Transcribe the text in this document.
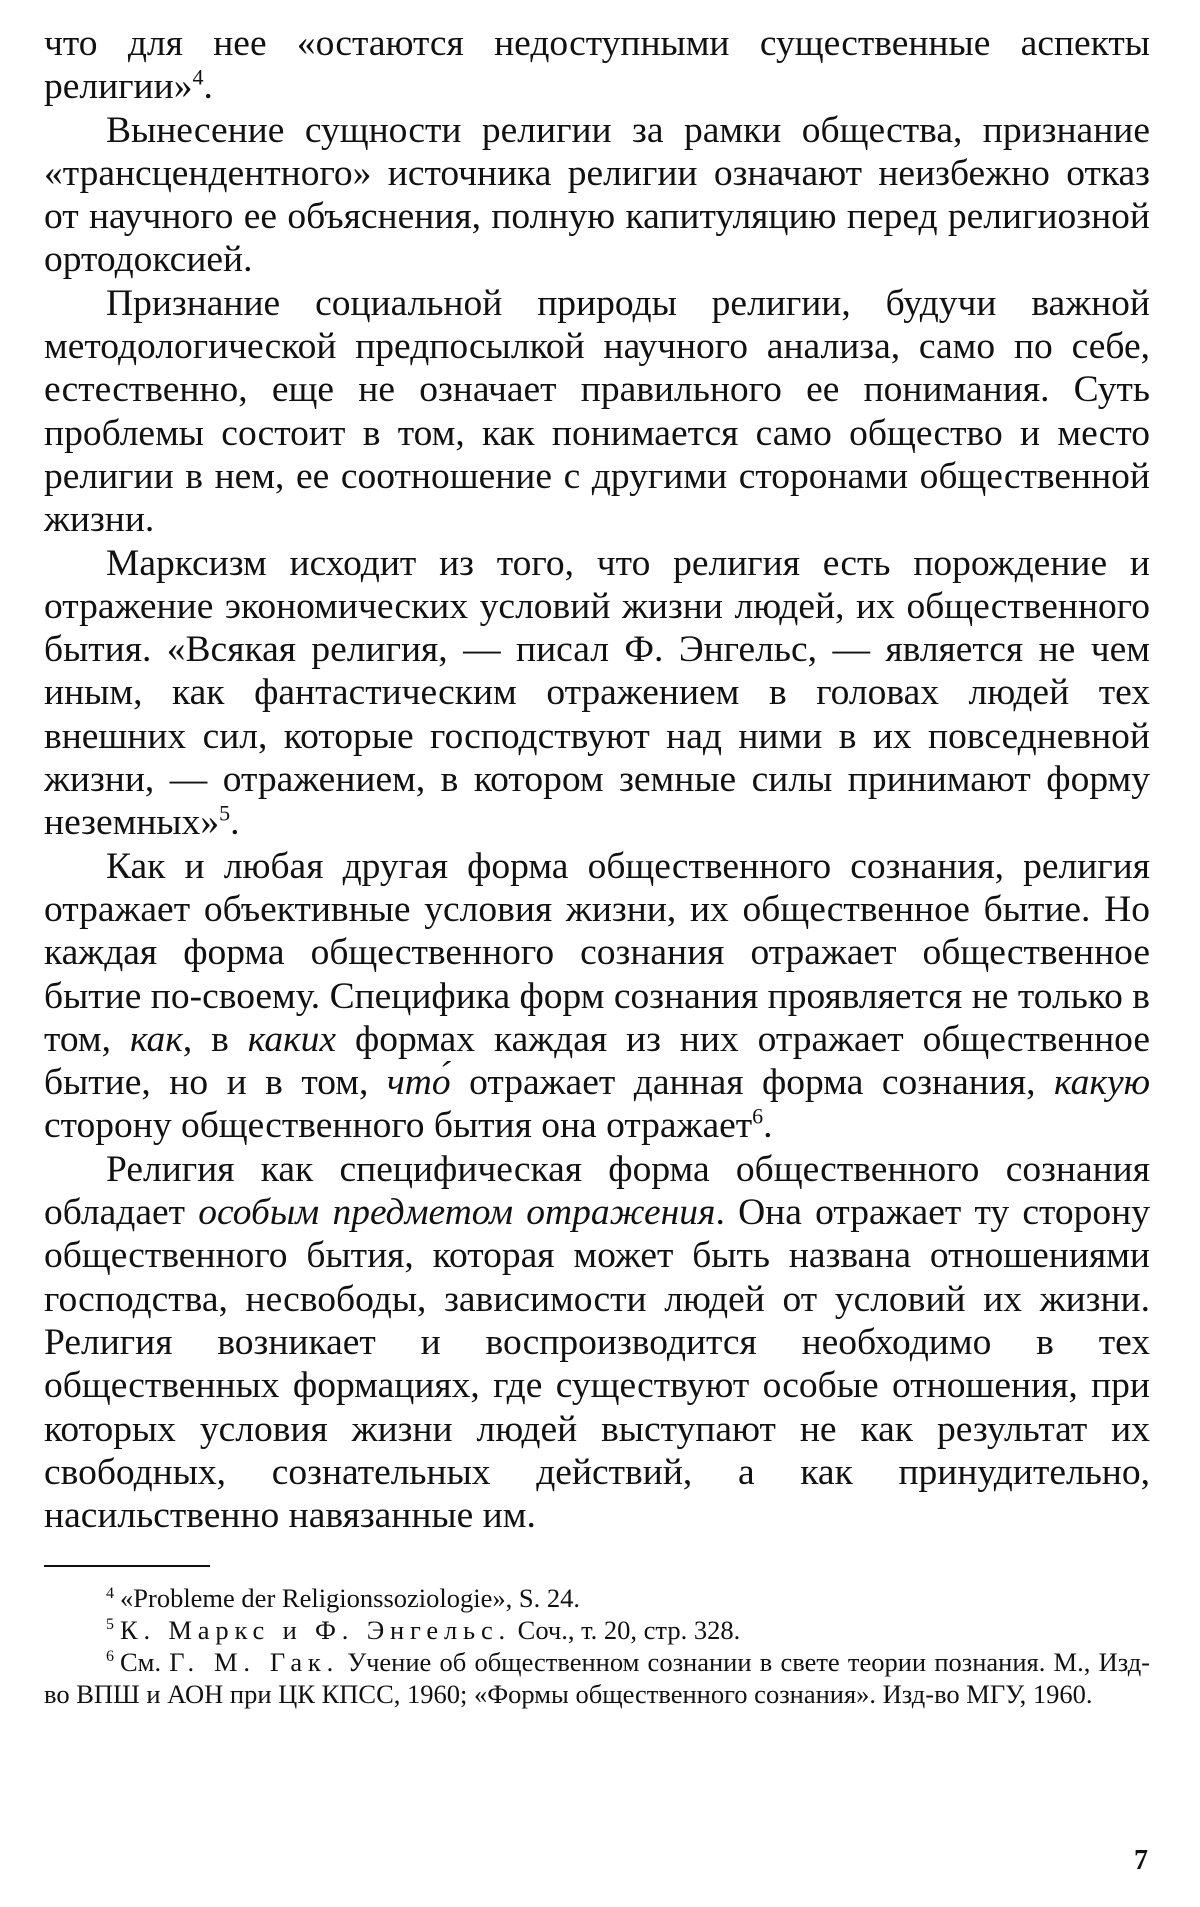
что для нее «остаются недоступными существенные аспекты религии»$^4$.

Вынесение сущности религии за рамки общества, признание «трансцендентного» источника религии означают неизбежно отказ от научного ее объяснения, полную капитуляцию перед религиозной ортодоксией.

Признание социальной природы религии, будучи важной методологической предпосылкой научного анализа, само по себе, естественно, еще не означает правильного ее понимания. Суть проблемы состоит в том, как понимается само общество и место религии в нем, ее соотношение с другими сторонами общественной жизни.

Марксизм исходит из того, что религия есть порождение и отражение экономических условий жизни людей, их общественного бытия. «Всякая религия, — писал Ф. Энгельс, — является не чем иным, как фантастическим отражением в головах людей тех внешних сил, которые господствуют над ними в их повседневной жизни, — отражением, в котором земные силы принимают форму неземных»$^5$.

Как и любая другая форма общественного сознания, религия отражает объективные условия жизни, их общественное бытие. Но каждая форма общественного сознания отражает общественное бытие по-своему. Специфика форм сознания проявляется не только в том, как, в каких формах каждая из них отражает общественное бытие, но и в том, что́ отражает данная форма сознания, какую сторону общественного бытия она отражает$^6$.

Религия как специфическая форма общественного сознания обладает особым предметом отражения. Она отражает ту сторону общественного бытия, которая может быть названа отношениями господства, несвободы, зависимости людей от условий их жизни. Религия возникает и воспроизводится необходимо в тех общественных формациях, где существуют особые отношения, при которых условия жизни людей выступают не как результат их свободных, сознательных действий, а как принудительно, насильственно навязанные им.

$^4$ «Probleme der Religionssoziologie», S. 24.

$^5$ К. Маркс и Ф. Энгельс. Соч., т. 20, стр. 328.

$^6$ См. Г. М. Гак. Учение об общественном сознании в свете теории познания. М., Изд-во ВПШ и АОН при ЦК КПСС, 1960; «Формы общественного сознания». Изд-во МГУ, 1960.

7
